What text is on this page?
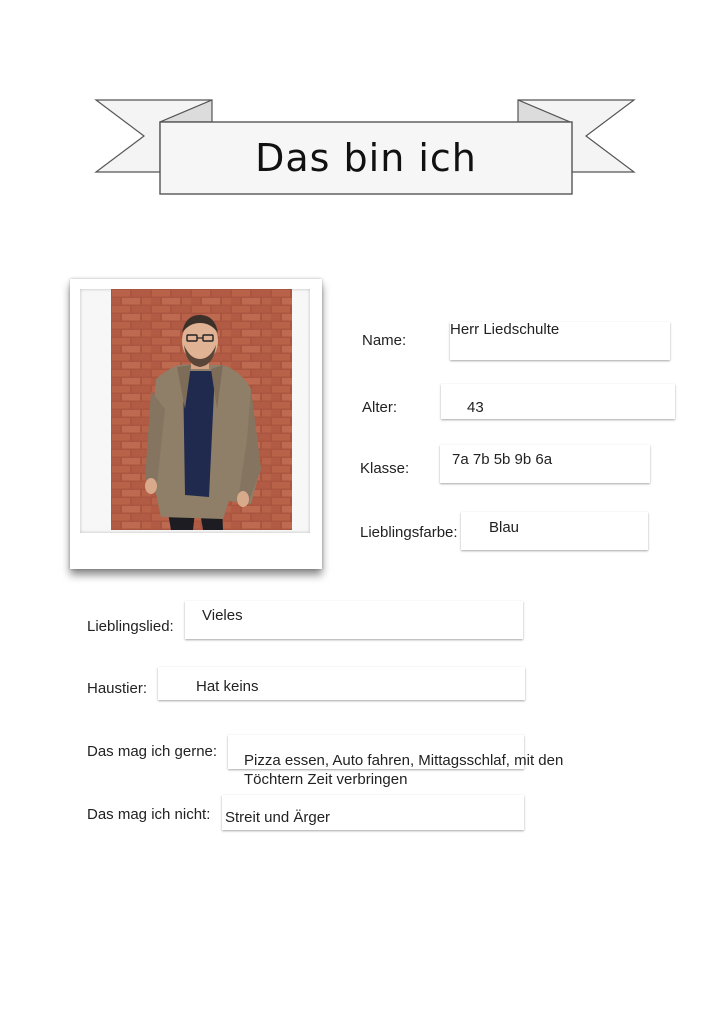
Das bin ich
Name:
Herr Liedschulte
Alter:	43
Klasse:
7a 7b 5b 9b 6a
Lieblingsfarbe: Blau
Lieblingslied:
Vieles
Haustier:	Hat keins
Das mag ich gerne:
Pizza essen, Auto fahren, Mittagsschlaf, mit den
Töchtern Zeit verbringen
Das mag ich nicht: Streit und Ärger
